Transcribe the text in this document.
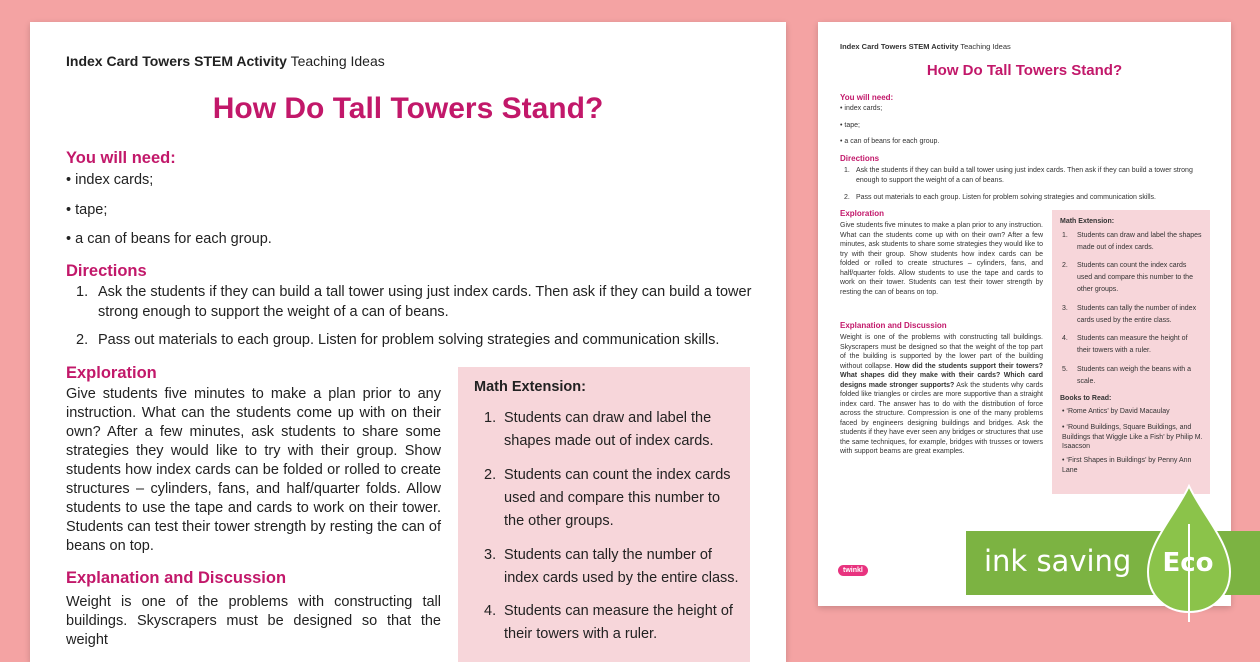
Index Card Towers STEM Activity Teaching Ideas
How Do Tall Towers Stand?
You will need:
• index cards;
• tape;
• a can of beans for each group.
Directions
1. Ask the students if they can build a tall tower using just index cards. Then ask if they can build a tower strong enough to support the weight of a can of beans.
2. Pass out materials to each group. Listen for problem solving strategies and communication skills.
Exploration
Give students five minutes to make a plan prior to any instruction. What can the students come up with on their own? After a few minutes, ask students to share some strategies they would like to try with their group. Show students how index cards can be folded or rolled to create structures – cylinders, fans, and half/quarter folds. Allow students to use the tape and cards to work on their tower. Students can test their tower strength by resting the can of beans on top.
Explanation and Discussion
Weight is one of the problems with constructing tall buildings. Skyscrapers must be designed so that the weight
Math Extension:
1. Students can draw and label the shapes made out of index cards.
2. Students can count the index cards used and compare this number to the other groups.
3. Students can tally the number of index cards used by the entire class.
4. Students can measure the height of their towers with a ruler.
Index Card Towers STEM Activity Teaching Ideas
How Do Tall Towers Stand?
You will need:
• index cards;
• tape;
• a can of beans for each group.
Directions
1. Ask the students if they can build a tall tower using just index cards. Then ask if they can build a tower strong enough to support the weight of a can of beans.
2. Pass out materials to each group. Listen for problem solving strategies and communication skills.
Exploration
Give students five minutes to make a plan prior to any instruction. What can the students come up with on their own? After a few minutes, ask students to share some strategies they would like to try with their group. Show students how index cards can be folded or rolled to create structures – cylinders, fans, and half/quarter folds. Allow students to use the tape and cards to work on their tower. Students can test their tower strength by resting the can of beans on top.
Explanation and Discussion
Weight is one of the problems with constructing tall buildings. Skyscrapers must be designed so that the weight of the top part of the building is supported by the lower part of the building without collapse. How did the students support their towers? What shapes did they make with their cards? Which card designs made stronger supports? Ask the students why cards folded like triangles or circles are more supportive than a straight index card. The answer has to do with the distribution of force across the structure. Compression is one of the many problems faced by engineers designing buildings and bridges. Ask the students if they have ever seen any bridges or structures that use the same techniques, for example, bridges with trusses or towers with support beams are great examples.
Math Extension:
1. Students can draw and label the shapes made out of index cards.
2. Students can count the index cards used and compare this number to the other groups.
3. Students can tally the number of index cards used by the entire class.
4. Students can measure the height of their towers with a ruler.
5. Students can weigh the beans with a scale.
Books to Read:
• ‘Rome Antics’ by David Macaulay
• ‘Round Buildings, Square Buildings, and Buildings that Wiggle Like a Fish’ by Philip M. Isaacson
• ‘First Shapes in Buildings’ by Penny Ann Lane
twinkl	ink saving	Eco
